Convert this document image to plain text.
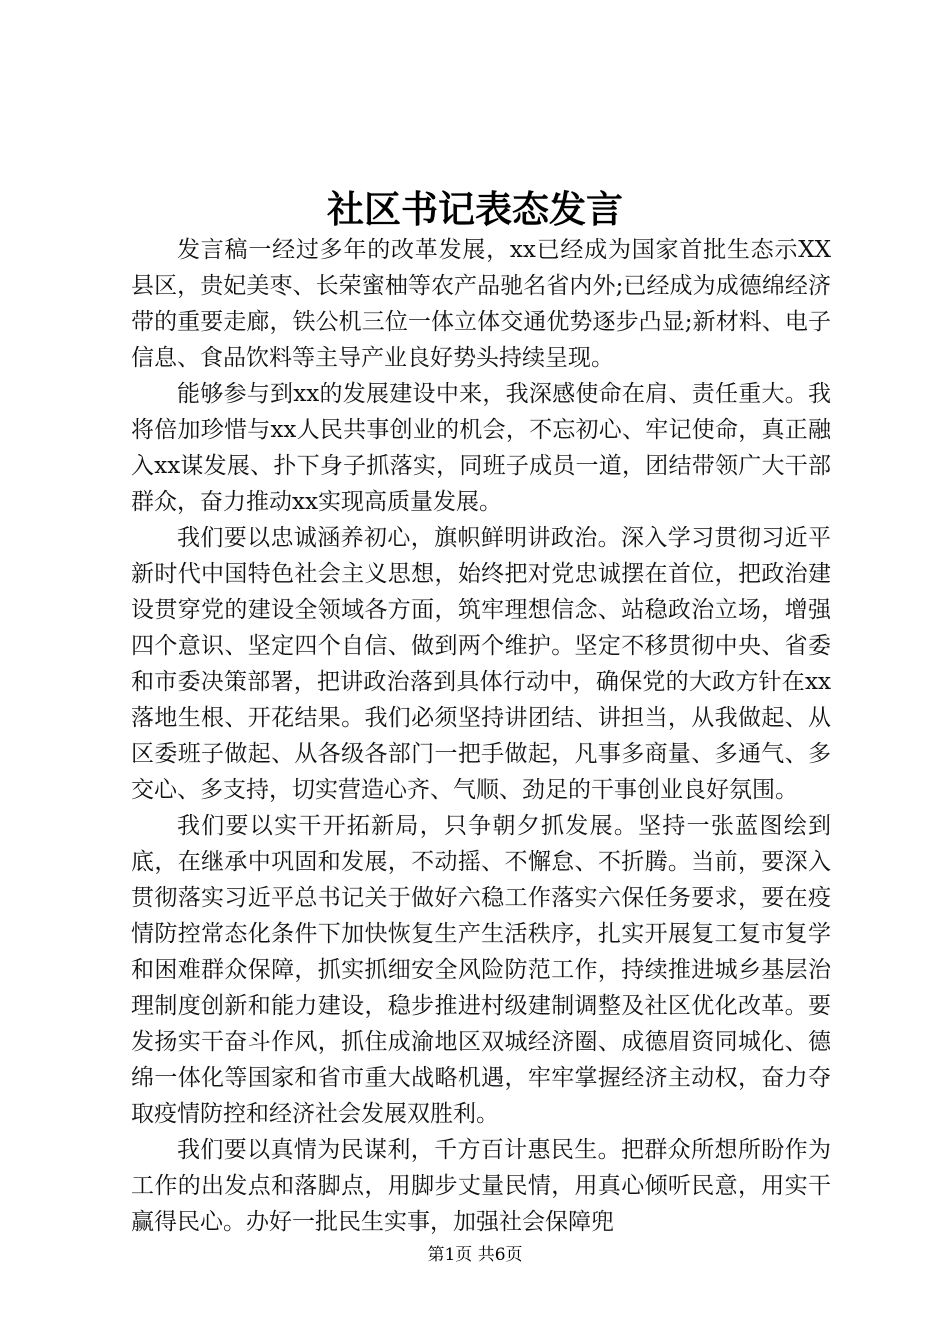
社区书记表态发言

发言稿一经过多年的改革发展，xx已经成为国家首批生态示XX县区，贵妃美枣、长荣蜜柚等农产品驰名省内外;已经成为成德绵经济带的重要走廊，铁公机三位一体立体交通优势逐步凸显;新材料、电子信息、食品饮料等主导产业良好势头持续呈现。

能够参与到xx的发展建设中来，我深感使命在肩、责任重大。我将倍加珍惜与xx人民共事创业的机会，不忘初心、牢记使命，真正融入xx谋发展、扑下身子抓落实，同班子成员一道，团结带领广大干部群众，奋力推动xx实现高质量发展。

我们要以忠诚涵养初心，旗帜鲜明讲政治。深入学习贯彻习近平新时代中国特色社会主义思想，始终把对党忠诚摆在首位，把政治建设贯穿党的建设全领域各方面，筑牢理想信念、站稳政治立场，增强四个意识、坚定四个自信、做到两个维护。坚定不移贯彻中央、省委和市委决策部署，把讲政治落到具体行动中，确保党的大政方针在xx落地生根、开花结果。我们必须坚持讲团结、讲担当，从我做起、从区委班子做起、从各级各部门一把手做起，凡事多商量、多通气、多交心、多支持，切实营造心齐、气顺、劲足的干事创业良好氛围。

我们要以实干开拓新局，只争朝夕抓发展。坚持一张蓝图绘到底，在继承中巩固和发展，不动摇、不懈怠、不折腾。当前，要深入贯彻落实习近平总书记关于做好六稳工作落实六保任务要求，要在疫情防控常态化条件下加快恢复生产生活秩序，扎实开展复工复市复学和困难群众保障，抓实抓细安全风险防范工作，持续推进城乡基层治理制度创新和能力建设，稳步推进村级建制调整及社区优化改革。要发扬实干奋斗作风，抓住成渝地区双城经济圈、成德眉资同城化、德绵一体化等国家和省市重大战略机遇，牢牢掌握经济主动权，奋力夺取疫情防控和经济社会发展双胜利。

我们要以真情为民谋利，千方百计惠民生。把群众所想所盼作为工作的出发点和落脚点，用脚步丈量民情，用真心倾听民意，用实干赢得民心。办好一批民生实事，加强社会保障兜

第1页 共6页
